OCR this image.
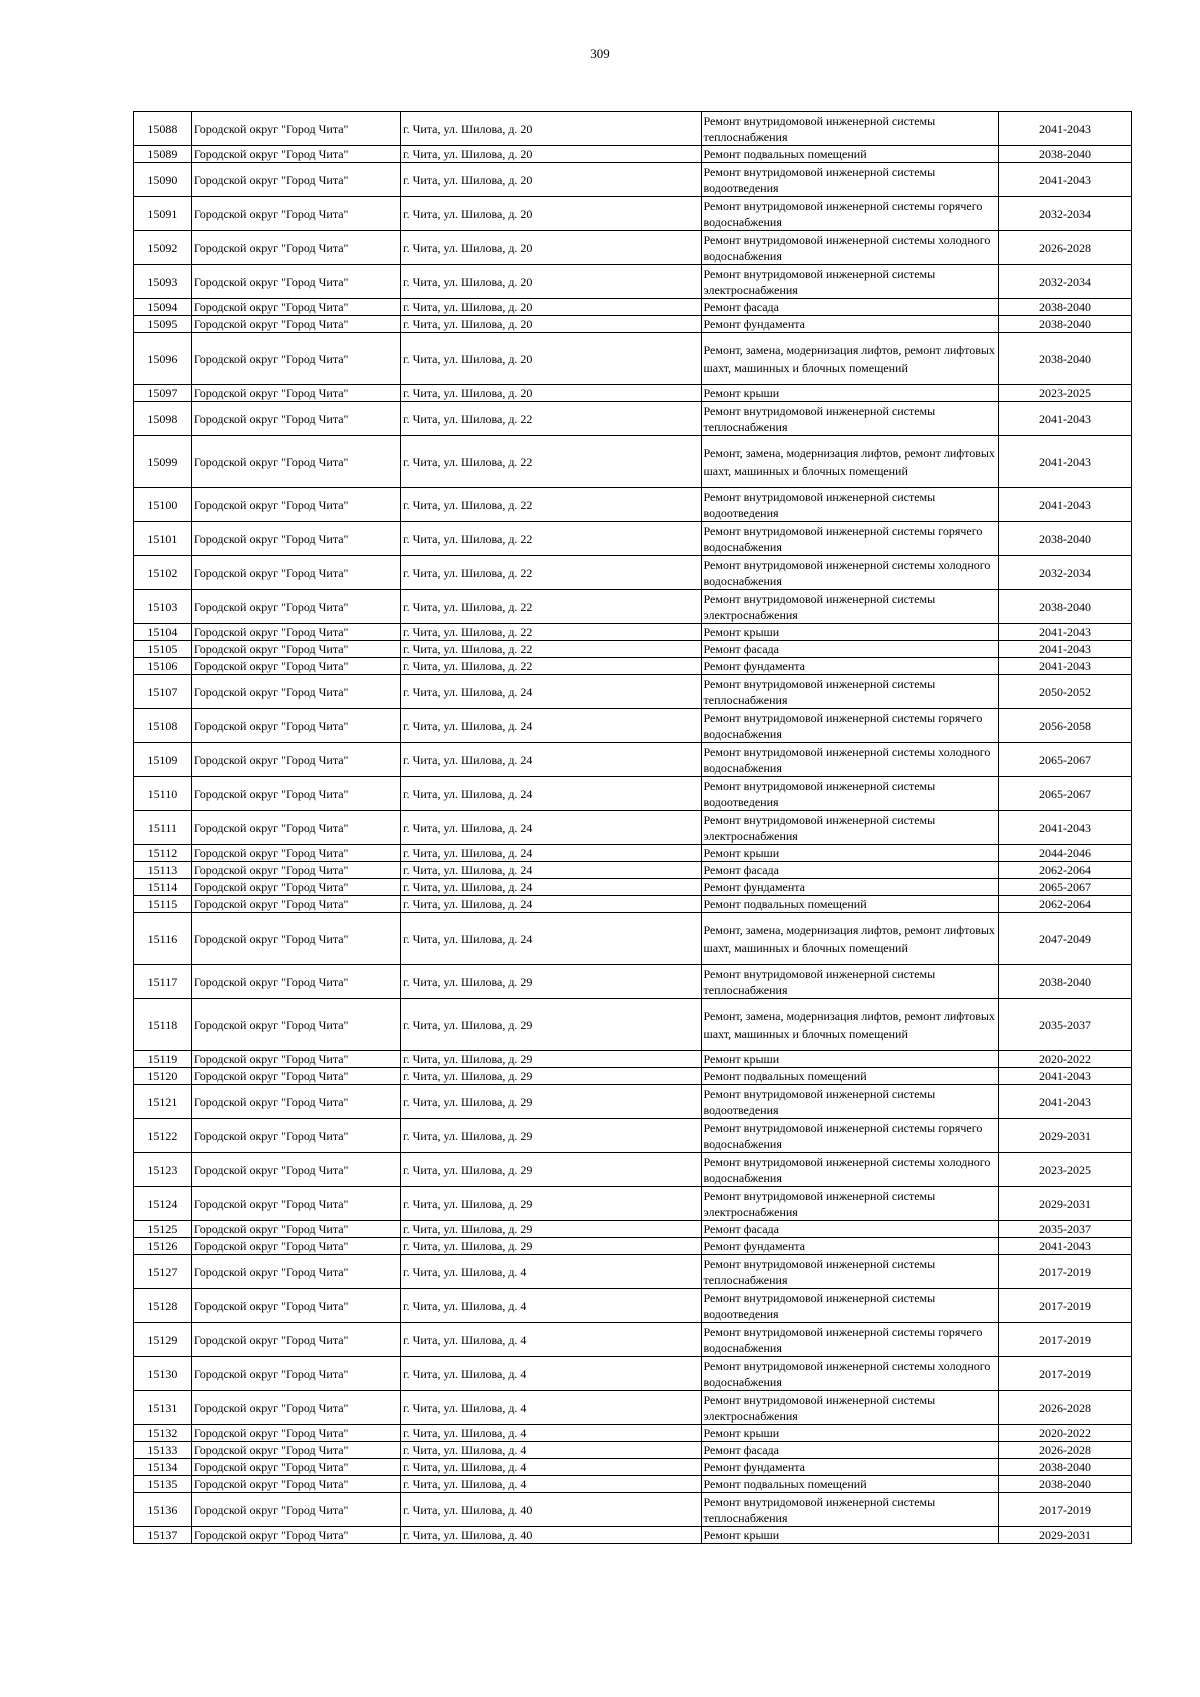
309
15088	Городской округ "Город Чита"	г. Чита, ул. Шилова, д. 20	Ремонт внутридомовой инженерной системы теплоснабжения	2041-2043
15089	Городской округ "Город Чита"	г. Чита, ул. Шилова, д. 20	Ремонт подвальных помещений	2038-2040
15090	Городской округ "Город Чита"	г. Чита, ул. Шилова, д. 20	Ремонт внутридомовой инженерной системы водоотведения	2041-2043
15091	Городской округ "Город Чита"	г. Чита, ул. Шилова, д. 20	Ремонт внутридомовой инженерной системы горячего водоснабжения	2032-2034
15092	Городской округ "Город Чита"	г. Чита, ул. Шилова, д. 20	Ремонт внутридомовой инженерной системы холодного водоснабжения	2026-2028
15093	Городской округ "Город Чита"	г. Чита, ул. Шилова, д. 20	Ремонт внутридомовой инженерной системы электроснабжения	2032-2034
15094	Городской округ "Город Чита"	г. Чита, ул. Шилова, д. 20	Ремонт фасада	2038-2040
15095	Городской округ "Город Чита"	г. Чита, ул. Шилова, д. 20	Ремонт фундамента	2038-2040
15096	Городской округ "Город Чита"	г. Чита, ул. Шилова, д. 20	Ремонт, замена, модернизация лифтов, ремонт лифтовых шахт, машинных и блочных помещений	2038-2040
15097	Городской округ "Город Чита"	г. Чита, ул. Шилова, д. 20	Ремонт крыши	2023-2025
15098	Городской округ "Город Чита"	г. Чита, ул. Шилова, д. 22	Ремонт внутридомовой инженерной системы теплоснабжения	2041-2043
15099	Городской округ "Город Чита"	г. Чита, ул. Шилова, д. 22	Ремонт, замена, модернизация лифтов, ремонт лифтовых шахт, машинных и блочных помещений	2041-2043
15100	Городской округ "Город Чита"	г. Чита, ул. Шилова, д. 22	Ремонт внутридомовой инженерной системы водоотведения	2041-2043
15101	Городской округ "Город Чита"	г. Чита, ул. Шилова, д. 22	Ремонт внутридомовой инженерной системы горячего водоснабжения	2038-2040
15102	Городской округ "Город Чита"	г. Чита, ул. Шилова, д. 22	Ремонт внутридомовой инженерной системы холодного водоснабжения	2032-2034
15103	Городской округ "Город Чита"	г. Чита, ул. Шилова, д. 22	Ремонт внутридомовой инженерной системы электроснабжения	2038-2040
15104	Городской округ "Город Чита"	г. Чита, ул. Шилова, д. 22	Ремонт крыши	2041-2043
15105	Городской округ "Город Чита"	г. Чита, ул. Шилова, д. 22	Ремонт фасада	2041-2043
15106	Городской округ "Город Чита"	г. Чита, ул. Шилова, д. 22	Ремонт фундамента	2041-2043
15107	Городской округ "Город Чита"	г. Чита, ул. Шилова, д. 24	Ремонт внутридомовой инженерной системы теплоснабжения	2050-2052
15108	Городской округ "Город Чита"	г. Чита, ул. Шилова, д. 24	Ремонт внутридомовой инженерной системы горячего водоснабжения	2056-2058
15109	Городской округ "Город Чита"	г. Чита, ул. Шилова, д. 24	Ремонт внутридомовой инженерной системы холодного водоснабжения	2065-2067
15110	Городской округ "Город Чита"	г. Чита, ул. Шилова, д. 24	Ремонт внутридомовой инженерной системы водоотведения	2065-2067
15111	Городской округ "Город Чита"	г. Чита, ул. Шилова, д. 24	Ремонт внутридомовой инженерной системы электроснабжения	2041-2043
15112	Городской округ "Город Чита"	г. Чита, ул. Шилова, д. 24	Ремонт крыши	2044-2046
15113	Городской округ "Город Чита"	г. Чита, ул. Шилова, д. 24	Ремонт фасада	2062-2064
15114	Городской округ "Город Чита"	г. Чита, ул. Шилова, д. 24	Ремонт фундамента	2065-2067
15115	Городской округ "Город Чита"	г. Чита, ул. Шилова, д. 24	Ремонт подвальных помещений	2062-2064
15116	Городской округ "Город Чита"	г. Чита, ул. Шилова, д. 24	Ремонт, замена, модернизация лифтов, ремонт лифтовых шахт, машинных и блочных помещений	2047-2049
15117	Городской округ "Город Чита"	г. Чита, ул. Шилова, д. 29	Ремонт внутридомовой инженерной системы теплоснабжения	2038-2040
15118	Городской округ "Город Чита"	г. Чита, ул. Шилова, д. 29	Ремонт, замена, модернизация лифтов, ремонт лифтовых шахт, машинных и блочных помещений	2035-2037
15119	Городской округ "Город Чита"	г. Чита, ул. Шилова, д. 29	Ремонт крыши	2020-2022
15120	Городской округ "Город Чита"	г. Чита, ул. Шилова, д. 29	Ремонт подвальных помещений	2041-2043
15121	Городской округ "Город Чита"	г. Чита, ул. Шилова, д. 29	Ремонт внутридомовой инженерной системы водоотведения	2041-2043
15122	Городской округ "Город Чита"	г. Чита, ул. Шилова, д. 29	Ремонт внутридомовой инженерной системы горячего водоснабжения	2029-2031
15123	Городской округ "Город Чита"	г. Чита, ул. Шилова, д. 29	Ремонт внутридомовой инженерной системы холодного водоснабжения	2023-2025
15124	Городской округ "Город Чита"	г. Чита, ул. Шилова, д. 29	Ремонт внутридомовой инженерной системы электроснабжения	2029-2031
15125	Городской округ "Город Чита"	г. Чита, ул. Шилова, д. 29	Ремонт фасада	2035-2037
15126	Городской округ "Город Чита"	г. Чита, ул. Шилова, д. 29	Ремонт фундамента	2041-2043
15127	Городской округ "Город Чита"	г. Чита, ул. Шилова, д. 4	Ремонт внутридомовой инженерной системы теплоснабжения	2017-2019
15128	Городской округ "Город Чита"	г. Чита, ул. Шилова, д. 4	Ремонт внутридомовой инженерной системы водоотведения	2017-2019
15129	Городской округ "Город Чита"	г. Чита, ул. Шилова, д. 4	Ремонт внутридомовой инженерной системы горячего водоснабжения	2017-2019
15130	Городской округ "Город Чита"	г. Чита, ул. Шилова, д. 4	Ремонт внутридомовой инженерной системы холодного водоснабжения	2017-2019
15131	Городской округ "Город Чита"	г. Чита, ул. Шилова, д. 4	Ремонт внутридомовой инженерной системы электроснабжения	2026-2028
15132	Городской округ "Город Чита"	г. Чита, ул. Шилова, д. 4	Ремонт крыши	2020-2022
15133	Городской округ "Город Чита"	г. Чита, ул. Шилова, д. 4	Ремонт фасада	2026-2028
15134	Городской округ "Город Чита"	г. Чита, ул. Шилова, д. 4	Ремонт фундамента	2038-2040
15135	Городской округ "Город Чита"	г. Чита, ул. Шилова, д. 4	Ремонт подвальных помещений	2038-2040
15136	Городской округ "Город Чита"	г. Чита, ул. Шилова, д. 40	Ремонт внутридомовой инженерной системы теплоснабжения	2017-2019
15137	Городской округ "Город Чита"	г. Чита, ул. Шилова, д. 40	Ремонт крыши	2029-2031
